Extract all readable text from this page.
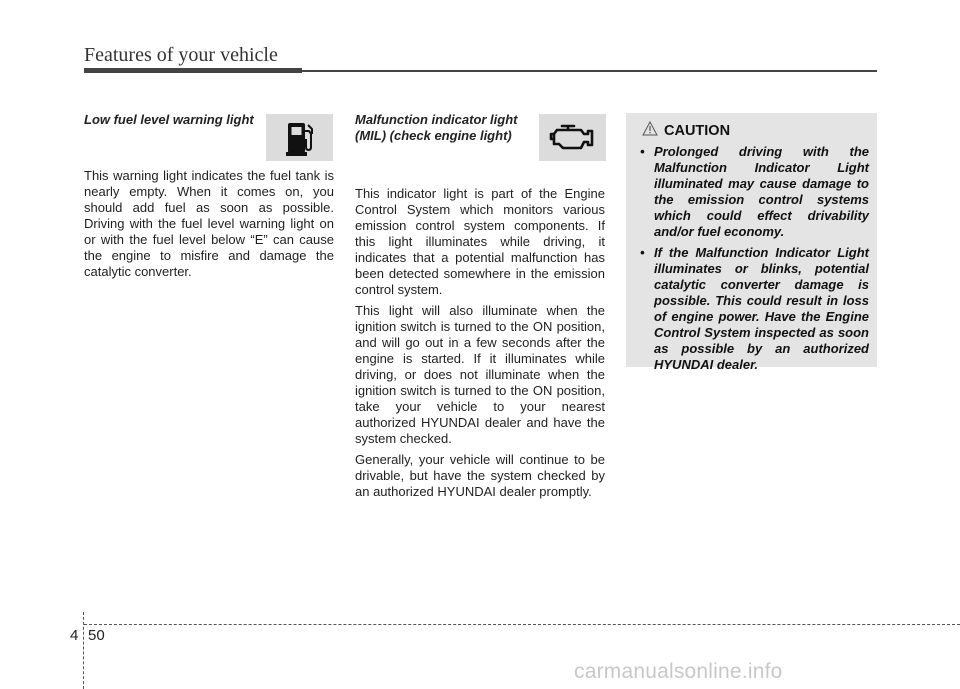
Features of your vehicle
Low fuel level warning light

This warning light indicates the fuel tank is nearly empty. When it comes on, you should add fuel as soon as possible. Driving with the fuel level warning light on or with the fuel level below “E” can cause the engine to misfire and damage the catalytic converter.

Malfunction indicator light
(MIL) (check engine light)

This indicator light is part of the Engine Control System which monitors various emission control system components. If this light illuminates while driving, it indicates that a potential malfunction has been detected somewhere in the emission control system.

This light will also illuminate when the ignition switch is turned to the ON position, and will go out in a few seconds after the engine is started. If it illuminates while driving, or does not illuminate when the ignition switch is turned to the ON position, take your vehicle to your nearest authorized HYUNDAI dealer and have the system checked.

Generally, your vehicle will continue to be drivable, but have the system checked by an authorized HYUNDAI dealer promptly.

CAUTION
• Prolonged driving with the Malfunction Indicator Light illuminated may cause damage to the emission control systems which could effect drivability and/or fuel economy.
• If the Malfunction Indicator Light illuminates or blinks, potential catalytic converter damage is possible. This could result in loss of engine power. Have the Engine Control System inspected as soon as possible by an authorized HYUNDAI dealer.
4 50
carmanualsonline.info
